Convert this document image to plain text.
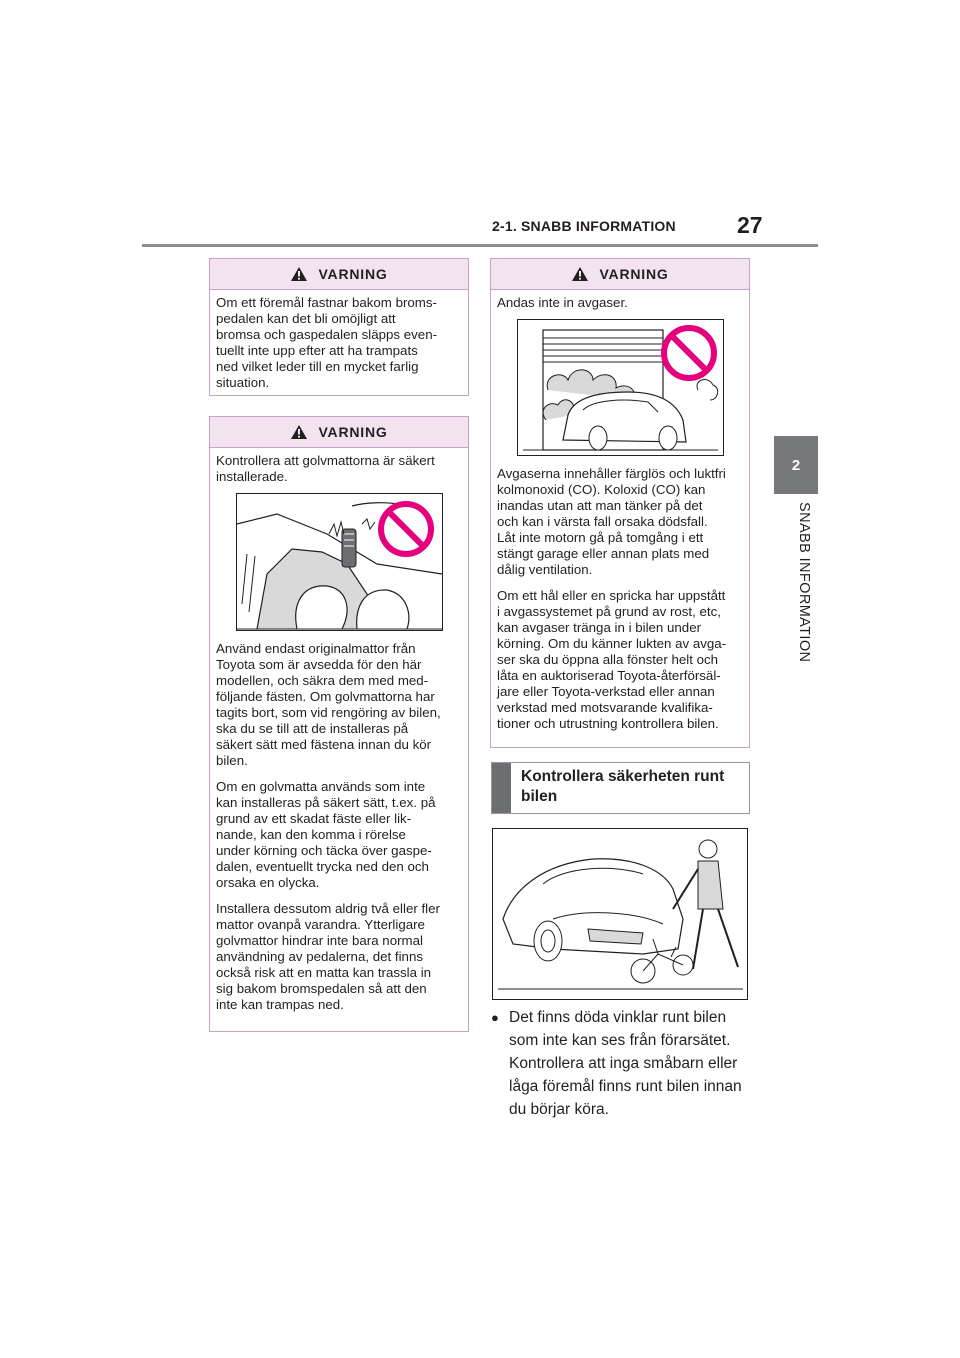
2-1. SNABB INFORMATION	27
2
SNABB INFORMATION
VARNING

Om ett föremål fastnar bakom broms-
pedalen kan det bli omöjligt att
bromsa och gaspedalen släpps even-
tuellt inte upp efter att ha trampats
ned vilket leder till en mycket farlig
situation.

VARNING

Kontrollera att golvmattorna är säkert
installerade.

Använd endast originalmattor från
Toyota som är avsedda för den här
modellen, och säkra dem med med-
följande fästen. Om golvmattorna har
tagits bort, som vid rengöring av bilen,
ska du se till att de installeras på
säkert sätt med fästena innan du kör
bilen.

Om en golvmatta används som inte
kan installeras på säkert sätt, t.ex. på
grund av ett skadat fäste eller lik-
nande, kan den komma i rörelse
under körning och täcka över gaspe-
dalen, eventuellt trycka ned den och
orsaka en olycka.

Installera dessutom aldrig två eller fler
mattor ovanpå varandra. Ytterligare
golvmattor hindrar inte bara normal
användning av pedalerna, det finns
också risk att en matta kan trassla in
sig bakom bromspedalen så att den
inte kan trampas ned.

VARNING

Andas inte in avgaser.

Avgaserna innehåller färglös och luktfri
kolmonoxid (CO). Koloxid (CO) kan
inandas utan att man tänker på det
och kan i värsta fall orsaka dödsfall.
Låt inte motorn gå på tomgång i ett
stängt garage eller annan plats med
dålig ventilation.

Om ett hål eller en spricka har uppstått
i avgassystemet på grund av rost, etc,
kan avgaser tränga in i bilen under
körning. Om du känner lukten av avga-
ser ska du öppna alla fönster helt och
låta en auktoriserad Toyota-återförsäl-
jare eller Toyota-verkstad eller annan
verkstad med motsvarande kvalifika-
tioner och utrustning kontrollera bilen.

Kontrollera säkerheten runt
bilen
● Det finns döda vinklar runt bilen
som inte kan ses från förarsätet.
Kontrollera att inga småbarn eller
låga föremål finns runt bilen innan
du börjar köra.
